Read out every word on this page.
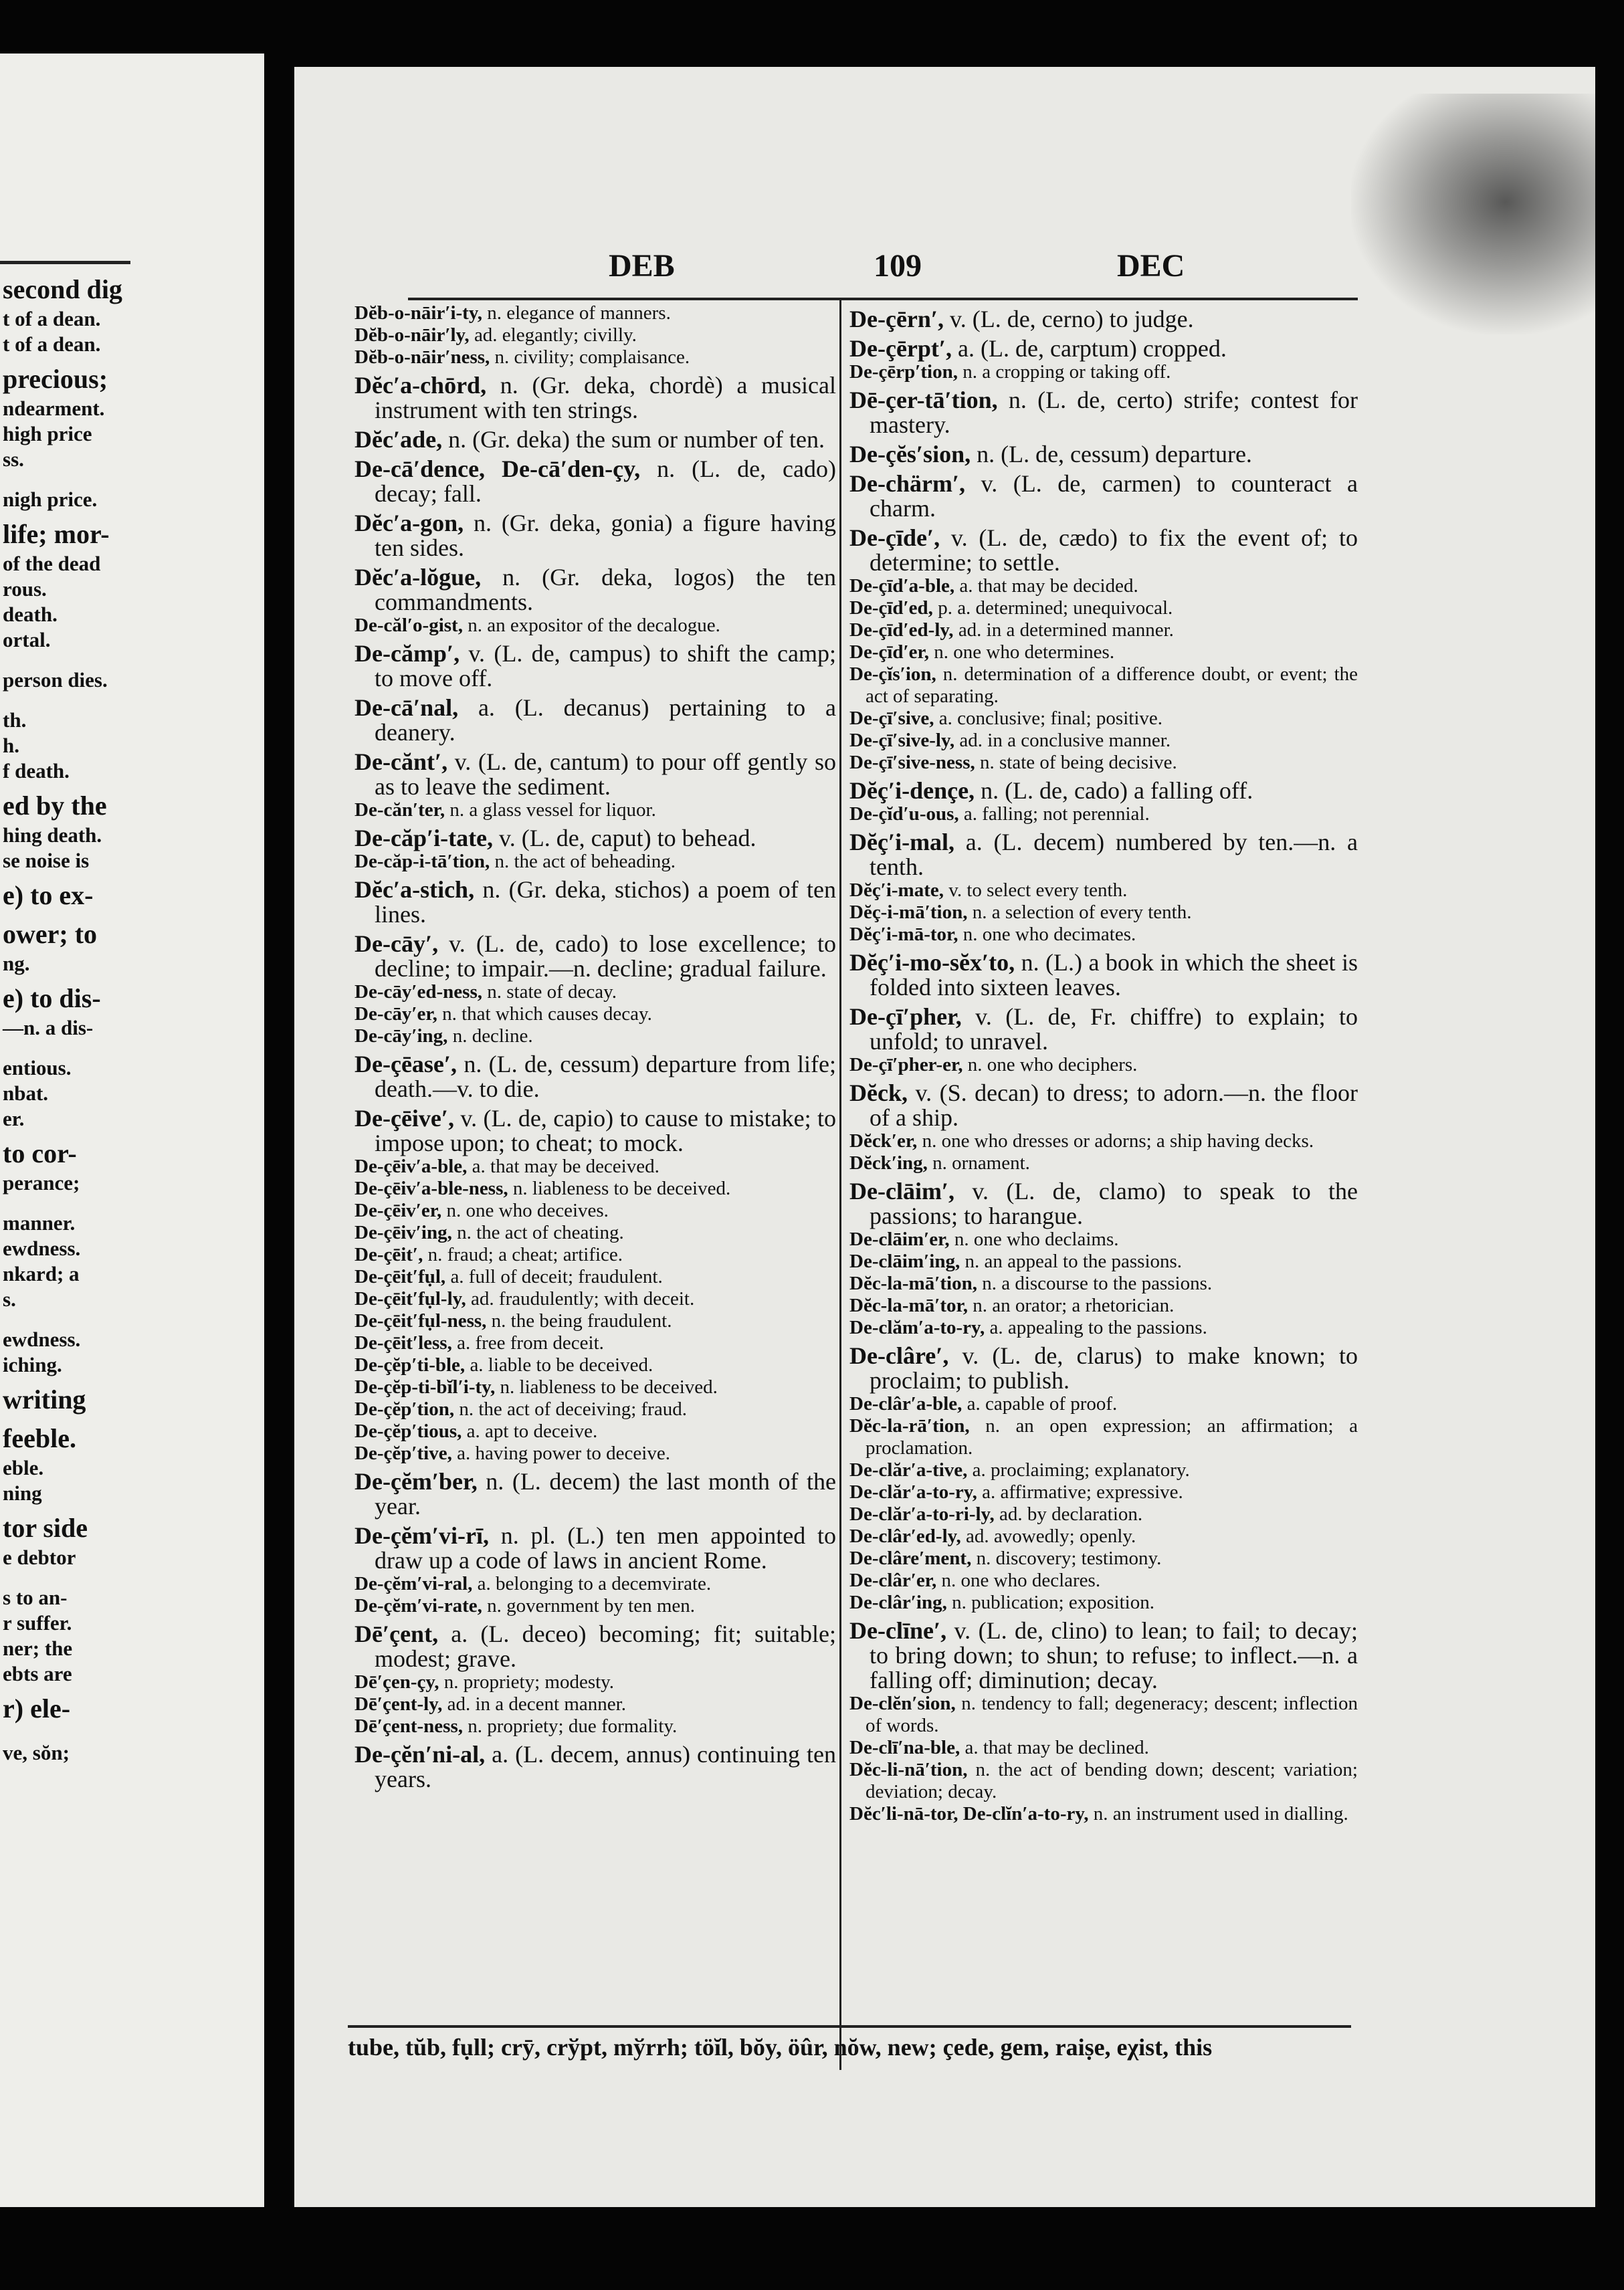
second dig
t of a dean.
t of a dean.
precious;
ndearment.
high price
ss.
nigh price.
life; mor-
of the dead
rous.
death.
ortal.
person dies.
th.
h.
f death.
ed by the
hing death.
se noise is
e) to ex-
ower; to
ng.
e) to dis-
—n. a dis-
entious.
nbat.
er.
to cor-
perance;
manner.
ewdness.
nkard; a
s.
ewdness.
iching.
writing
feeble.
eble.
ning
tor side
e debtor
s to an-
r suffer.
ner; the
ebts are
r) ele-
ve, sŏn;
DEB	109	DEC
Dĕb-o-nāir′i-ty, n. elegance of manners.
Dĕb-o-nāir′ly, ad. elegantly; civilly.
Dĕb-o-nāir′ness, n. civility; complaisance.
Dĕc′a-chōrd, n. (Gr. deka, chordè) a musical instrument with ten strings.
Dĕc′ade, n. (Gr. deka) the sum or number of ten.
De-cā′dence, De-cā′den-çy, n. (L. de, cado) decay; fall.
Dĕc′a-gon, n. (Gr. deka, gonia) a figure having ten sides.
Dĕc′a-lŏgue, n. (Gr. deka, logos) the ten commandments.
De-căl′o-gist, n. an expositor of the decalogue.
De-cămp′, v. (L. de, campus) to shift the camp; to move off.
De-cā′nal, a. (L. decanus) pertaining to a deanery.
De-cănt′, v. (L. de, cantum) to pour off gently so as to leave the sediment.
De-căn′ter, n. a glass vessel for liquor.
De-căp′i-tate, v. (L. de, caput) to behead.
De-căp-i-tā′tion, n. the act of beheading.
Dĕc′a-stich, n. (Gr. deka, stichos) a poem of ten lines.
De-cāy′, v. (L. de, cado) to lose excellence; to decline; to impair.—n. decline; gradual failure.
De-cāy′ed-ness, n. state of decay.
De-cāy′er, n. that which causes decay.
De-cāy′ing, n. decline.
De-çēase′, n. (L. de, cessum) departure from life; death.—v. to die.
De-çēive′, v. (L. de, capio) to cause to mistake; to impose upon; to cheat; to mock.
De-çēiv′a-ble, a. that may be deceived.
De-çēiv′a-ble-ness, n. liableness to be deceived.
De-çēiv′er, n. one who deceives.
De-çēiv′ing, n. the act of cheating.
De-çēit′, n. fraud; a cheat; artifice.
De-çēit′fụl, a. full of deceit; fraudulent.
De-çēit′fụl-ly, ad. fraudulently; with deceit.
De-çēit′fụl-ness, n. the being fraudulent.
De-çēit′less, a. free from deceit.
De-çĕp′ti-ble, a. liable to be deceived.
De-çĕp-ti-bĭl′i-ty, n. liableness to be deceived.
De-çĕp′tion, n. the act of deceiving; fraud.
De-çĕp′tious, a. apt to deceive.
De-çĕp′tive, a. having power to deceive.
De-çĕm′ber, n. (L. decem) the last month of the year.
De-çĕm′vi-rī, n. pl. (L.) ten men appointed to draw up a code of laws in ancient Rome.
De-çĕm′vi-ral, a. belonging to a decemvirate.
De-çĕm′vi-rate, n. government by ten men.
Dē′çent, a. (L. deceo) becoming; fit; suitable; modest; grave.
Dē′çen-çy, n. propriety; modesty.
Dē′çent-ly, ad. in a decent manner.
Dē′çent-ness, n. propriety; due formality.
De-çĕn′ni-al, a. (L. decem, annus) continuing ten years.
De-çērn′, v. (L. de, cerno) to judge.
De-çērpt′, a. (L. de, carptum) cropped.
De-çērp′tion, n. a cropping or taking off.
Dē-çer-tā′tion, n. (L. de, certo) strife; contest for mastery.
De-çĕs′sion, n. (L. de, cessum) departure.
De-chärm′, v. (L. de, carmen) to counteract a charm.
De-çīde′, v. (L. de, cædo) to fix the event of; to determine; to settle.
De-çīd′a-ble, a. that may be decided.
De-çīd′ed, p. a. determined; unequivocal.
De-çīd′ed-ly, ad. in a determined manner.
De-çīd′er, n. one who determines.
De-çĭs′ion, n. determination of a difference doubt, or event; the act of separating.
De-çī′sive, a. conclusive; final; positive.
De-çī′sive-ly, ad. in a conclusive manner.
De-çī′sive-ness, n. state of being decisive.
Dĕç′i-dençe, n. (L. de, cado) a falling off.
De-çĭd′u-ous, a. falling; not perennial.
Dĕç′i-mal, a. (L. decem) numbered by ten.—n. a tenth.
Dĕç′i-mate, v. to select every tenth.
Dĕç-i-mā′tion, n. a selection of every tenth.
Dĕç′i-mā-tor, n. one who decimates.
Dĕç′i-mo-sĕx′to, n. (L.) a book in which the sheet is folded into sixteen leaves.
De-çī′pher, v. (L. de, Fr. chiffre) to explain; to unfold; to unravel.
De-çī′pher-er, n. one who deciphers.
Dĕck, v. (S. decan) to dress; to adorn.—n. the floor of a ship.
Dĕck′er, n. one who dresses or adorns; a ship having decks.
Dĕck′ing, n. ornament.
De-clāim′, v. (L. de, clamo) to speak to the passions; to harangue.
De-clāim′er, n. one who declaims.
De-clāim′ing, n. an appeal to the passions.
Dĕc-la-mā′tion, n. a discourse to the passions.
Dĕc-la-mā′tor, n. an orator; a rhetorician.
De-clăm′a-to-ry, a. appealing to the passions.
De-clâre′, v. (L. de, clarus) to make known; to proclaim; to publish.
De-clâr′a-ble, a. capable of proof.
Dĕc-la-rā′tion, n. an open expression; an affirmation; a proclamation.
De-clăr′a-tive, a. proclaiming; explanatory.
De-clăr′a-to-ry, a. affirmative; expressive.
De-clăr′a-to-ri-ly, ad. by declaration.
De-clâr′ed-ly, ad. avowedly; openly.
De-clâre′ment, n. discovery; testimony.
De-clâr′er, n. one who declares.
De-clâr′ing, n. publication; exposition.
De-clīne′, v. (L. de, clino) to lean; to fail; to decay; to bring down; to shun; to refuse; to inflect.—n. a falling off; diminution; decay.
De-clĕn′sion, n. tendency to fall; degeneracy; descent; inflection of words.
De-clī′na-ble, a. that may be declined.
Dĕc-li-nā′tion, n. the act of bending down; descent; variation; deviation; decay.
Dĕc′li-nā-tor, De-clĭn′a-to-ry, n. an instrument used in dialling.
tube, tŭb, fụll; crȳ, crўpt, mўrrh; töĭl, bŏy, öûr, nŏw, new; çede, gem, raiṣe, eχist, this
